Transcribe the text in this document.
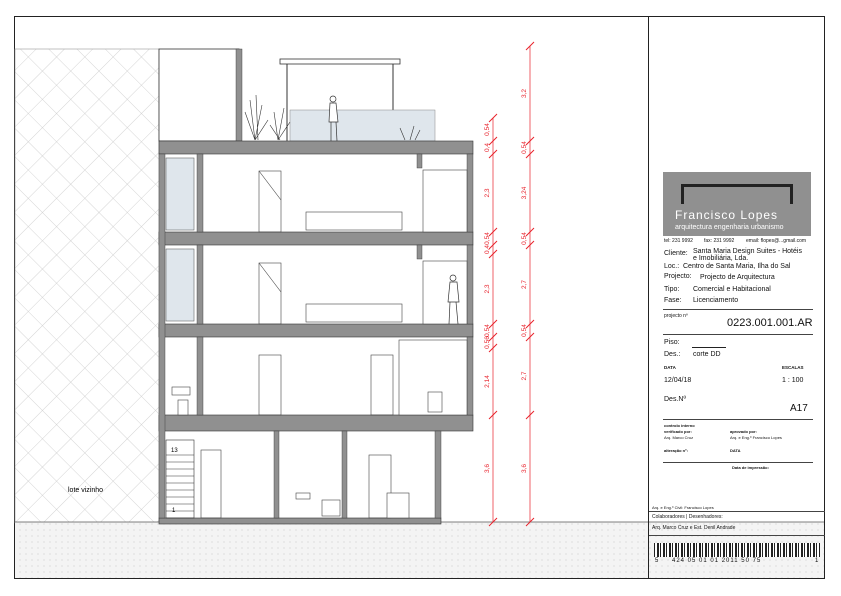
13
1
lote vizinho
0,54
0,4
2,3
0,54
0,4
2,3
0,54
0,56
2,14
3,6
3,2
0,54
3,24
0,54
2,7
0,54
2,7
3,6
Francisco Lopes
arquitectura engenharia urbanismo
tel: 231 9992 fax: 231 9992 email: flopes@...gmail.com
Cliente: Santa Maria Design Suites - Hotéis
e Imobiliária, Lda.
Loc.: Centro de Santa Maria, Ilha do Sal
Projecto: Projecto de Arquitectura
Tipo: Comercial e Habitacional
Fase: Licenciamento
projecto nº
0223.001.001.AR
Piso:
Des.: corte DD
DATA	ESCALAS
12/04/18	1 : 100
Des.Nº
A17
controlo interno
verificado por:
Arq. Marco Cruz
aprovado por:
Arq. e Eng.º Francisco Lopes
alteração nº:	DATA
Data de impressão:
Arq. e Eng.º Civil: Francisco Lopes
Colaboradores | Desenhadores:
Arq. Marco Cruz e Est. Denil Andrade
5 424 05 01 01 2011 50 75	1
